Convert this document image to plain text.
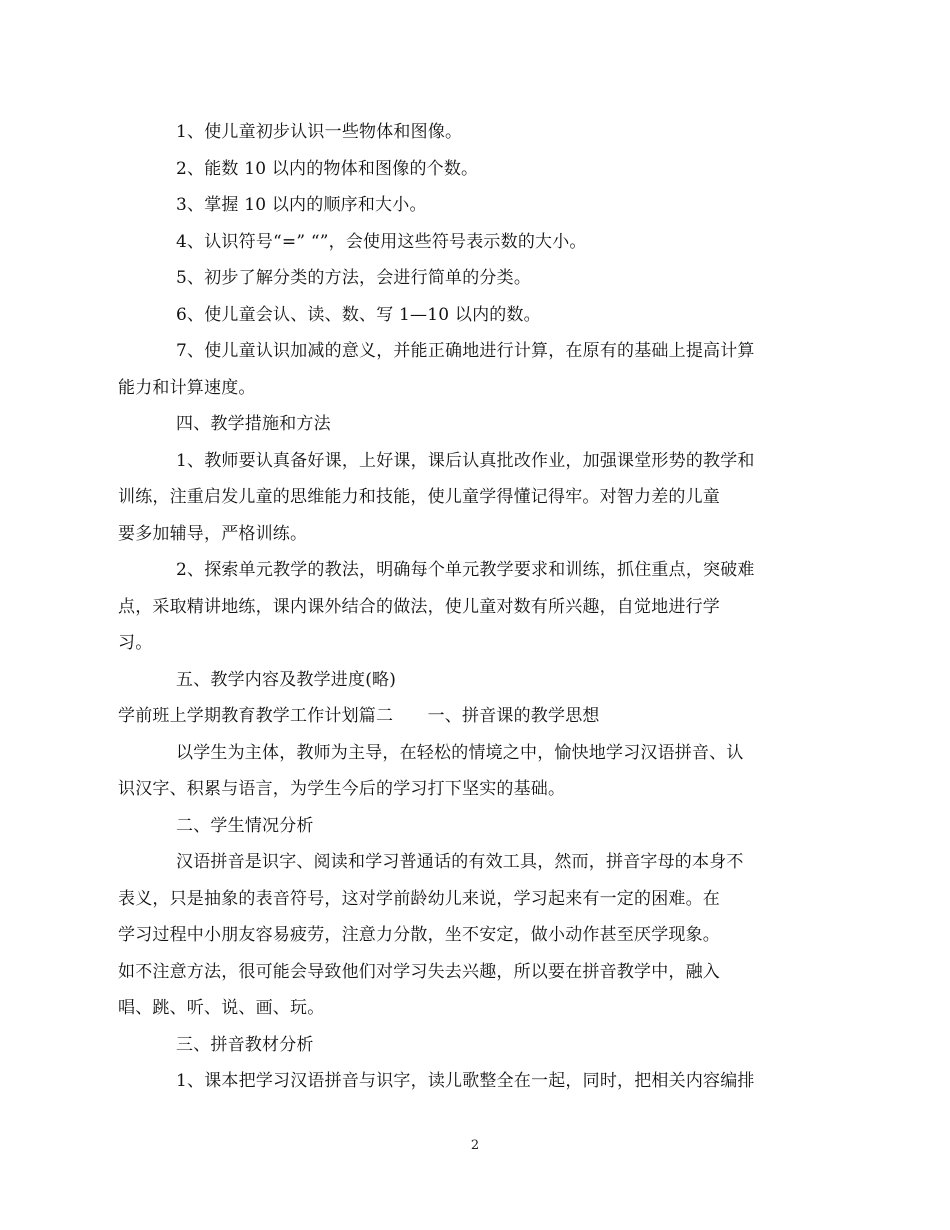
1、使儿童初步认识一些物体和图像。
2、能数 10 以内的物体和图像的个数。
3、掌握 10 以内的顺序和大小。
4、认识符号“=” “”，会使用这些符号表示数的大小。
5、初步了解分类的方法，会进行简单的分类。
6、使儿童会认、读、数、写 1—10 以内的数。
7、使儿童认识加减的意义，并能正确地进行计算，在原有的基础上提高计算
能力和计算速度。
四、教学措施和方法
1、教师要认真备好课，上好课，课后认真批改作业，加强课堂形势的教学和
训练，注重启发儿童的思维能力和技能，使儿童学得懂记得牢。对智力差的儿童
要多加辅导，严格训练。
2、探索单元教学的教法，明确每个单元教学要求和训练，抓住重点，突破难
点，采取精讲地练，课内课外结合的做法，使儿童对数有所兴趣，自觉地进行学
习。
五、教学内容及教学进度(略)
学前班上学期教育教学工作计划篇二　　一、拼音课的教学思想
以学生为主体，教师为主导，在轻松的情境之中，愉快地学习汉语拼音、认
识汉字、积累与语言，为学生今后的学习打下坚实的基础。
二、学生情况分析
汉语拼音是识字、阅读和学习普通话的有效工具，然而，拼音字母的本身不
表义，只是抽象的表音符号，这对学前龄幼儿来说，学习起来有一定的困难。在
学习过程中小朋友容易疲劳，注意力分散，坐不安定，做小动作甚至厌学现象。
如不注意方法，很可能会导致他们对学习失去兴趣，所以要在拼音教学中，融入
唱、跳、听、说、画、玩。
三、拼音教材分析
1、课本把学习汉语拼音与识字，读儿歌整全在一起，同时，把相关内容编排
2
